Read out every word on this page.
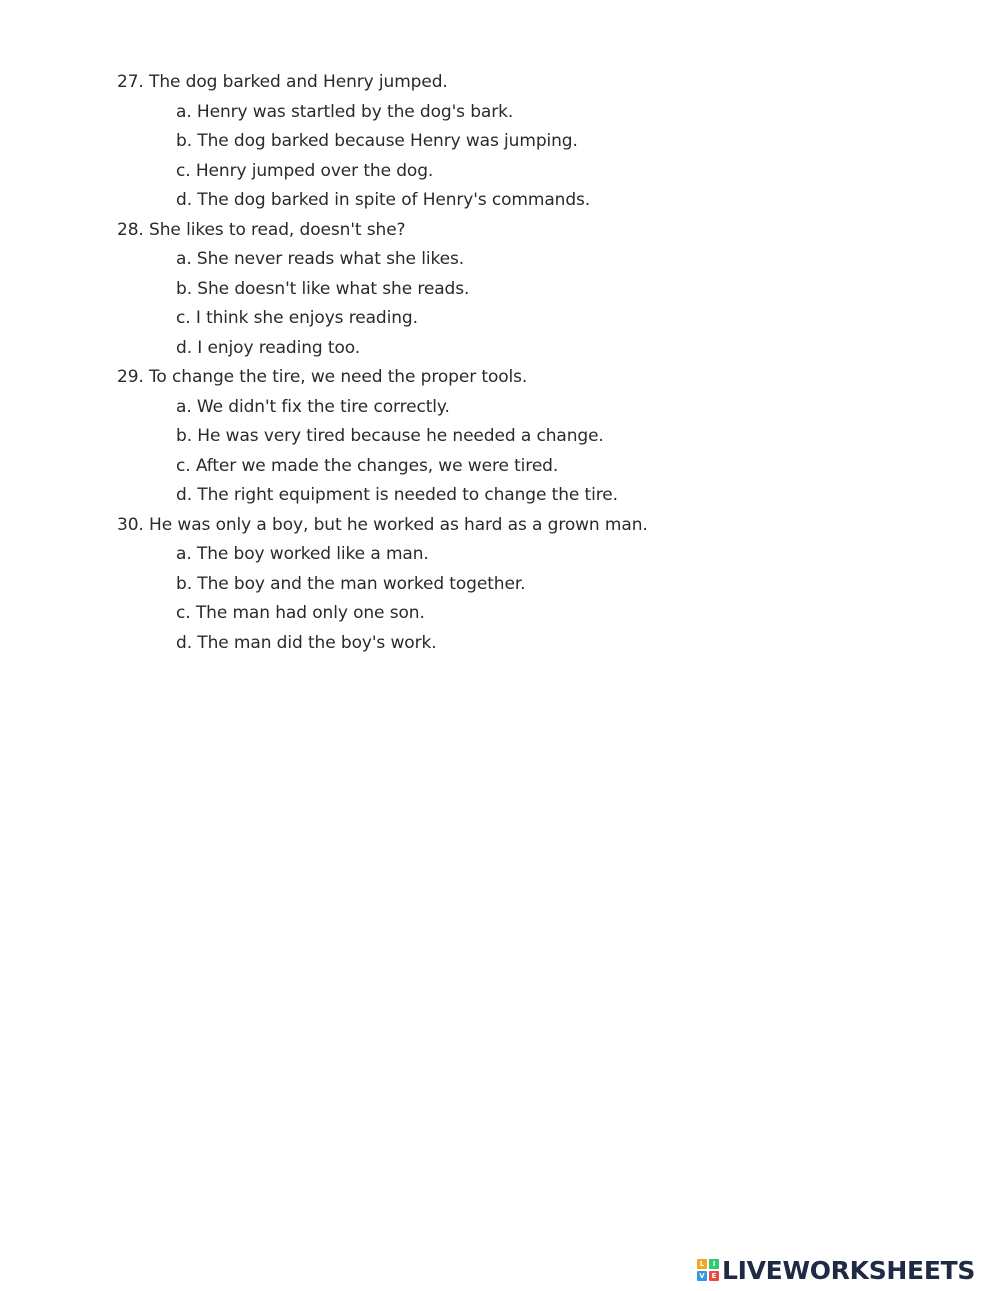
27. The dog barked and Henry jumped.
a. Henry was startled by the dog's bark.
b. The dog barked because Henry was jumping.
c. Henry jumped over the dog.
d. The dog barked in spite of Henry's commands.
28. She likes to read, doesn't she?
a. She never reads what she likes.
b. She doesn't like what she reads.
c. I think she enjoys reading.
d. I enjoy reading too.
29. To change the tire, we need the proper tools.
a. We didn't fix the tire correctly.
b. He was very tired because he needed a change.
c. After we made the changes, we were tired.
d. The right equipment is needed to change the tire.
30. He was only a boy, but he worked as hard as a grown man.
a. The boy worked like a man.
b. The boy and the man worked together.
c. The man had only one son.
d. The man did the boy's work.
L	I
V E LIVEWORKSHEETS
